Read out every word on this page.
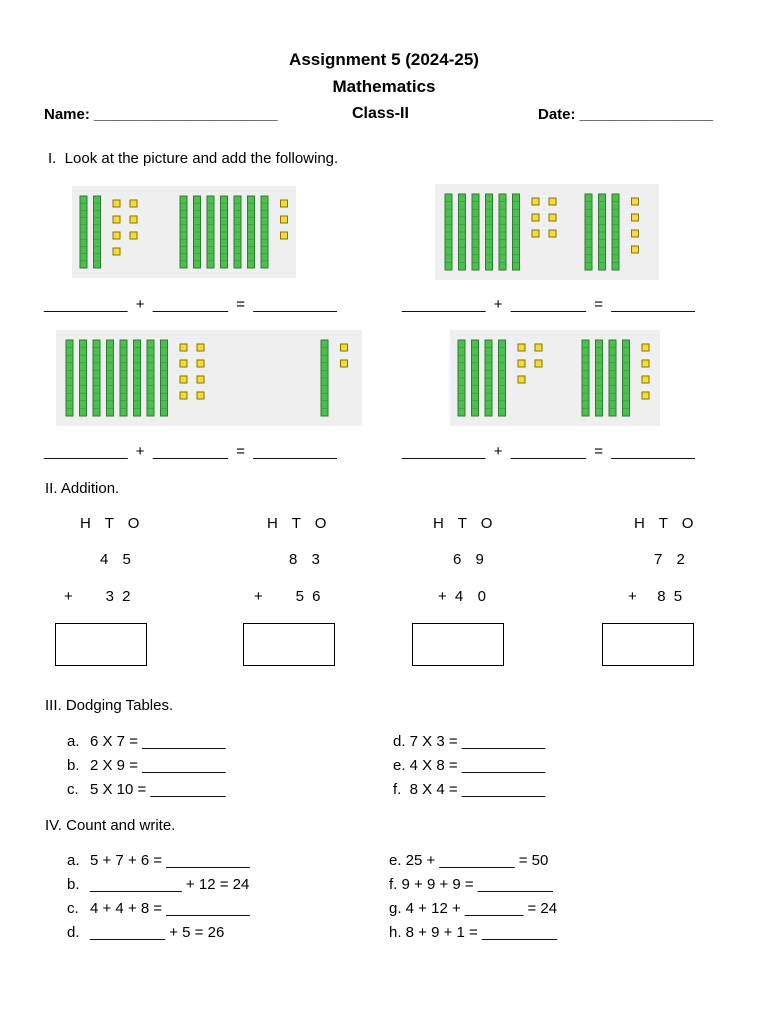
Assignment 5 (2024-25)
Mathematics
Name: ______________________	Class-II	Date: ________________
I.  Look at the picture and add the following.
__________  +  _________  =  __________	__________  +  _________  =  __________
__________  +  _________  =  __________	__________  +  _________  =  __________
II. Addition.
H T O
4 5
+     3 2
H T O
8 3
+     5 6
H T O
6 9
+ 4  0
H T O
7 2
+   8 5
III. Dodging Tables.
a. 6 X 7 = __________
b. 2 X 9 = __________
c. 5 X 10 = _________
d. 7 X 3 = __________
e. 4 X 8 = __________
f.  8 X 4 = __________
IV. Count and write.
a. 5 + 7 + 6 = __________
b. ___________ + 12 = 24
c. 4 + 4 + 8 = __________
d. _________ + 5 = 26
e. 25 + _________ = 50
f. 9 + 9 + 9 = _________
g. 4 + 12 + _______ = 24
h. 8 + 9 + 1 = _________
